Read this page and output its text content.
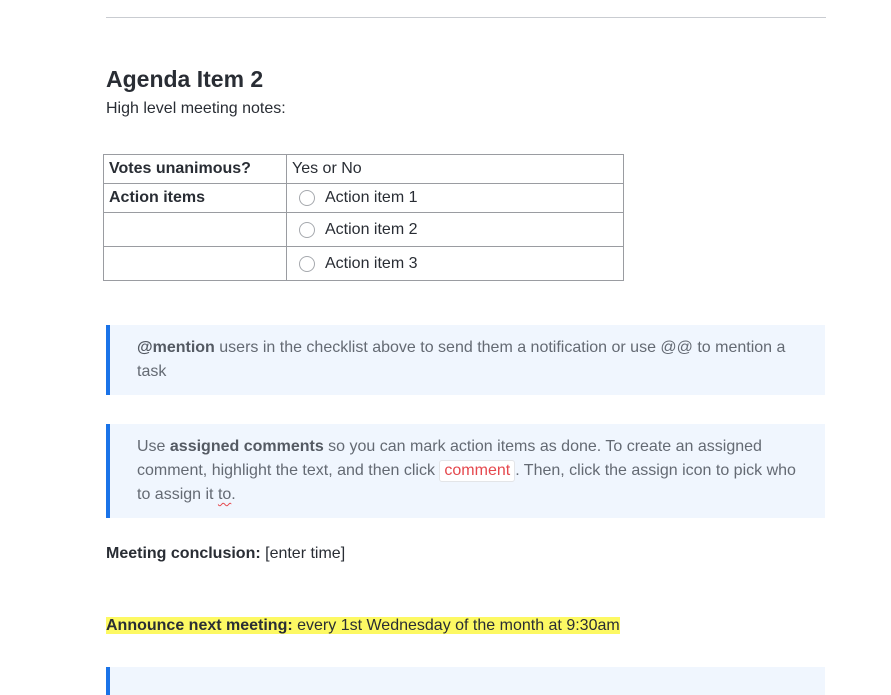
Agenda Item 2
High level meeting notes:
Votes unanimous?	Yes or No
Action items	Action item 1

	Action item 2

	Action item 3
@mention users in the checklist above to send them a notification or use @@ to mention a task
Use assigned comments so you can mark action items as done. To create an assigned comment, highlight the text, and then click comment . Then, click the assign icon to pick who to assign it to.
Meeting conclusion: [enter time]
Announce next meeting: every 1st Wednesday of the month at 9:30am
